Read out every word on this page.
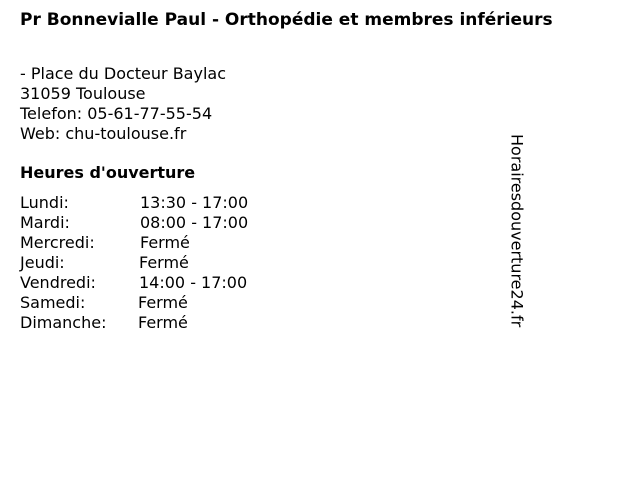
Pr Bonnevialle Paul - Orthopédie et membres inférieurs
- Place du Docteur Baylac
31059 Toulouse
Telefon: 05-61-77-55-54
Web: chu-toulouse.fr
Heures d'ouverture
Lundi:	13:30 - 17:00
Mardi:	08:00 - 17:00
Mercredi:	Fermé
Jeudi:	Fermé
Vendredi:	14:00 - 17:00
Samedi:	Fermé
Dimanche: Fermé	Horairesdouverture24.fr
